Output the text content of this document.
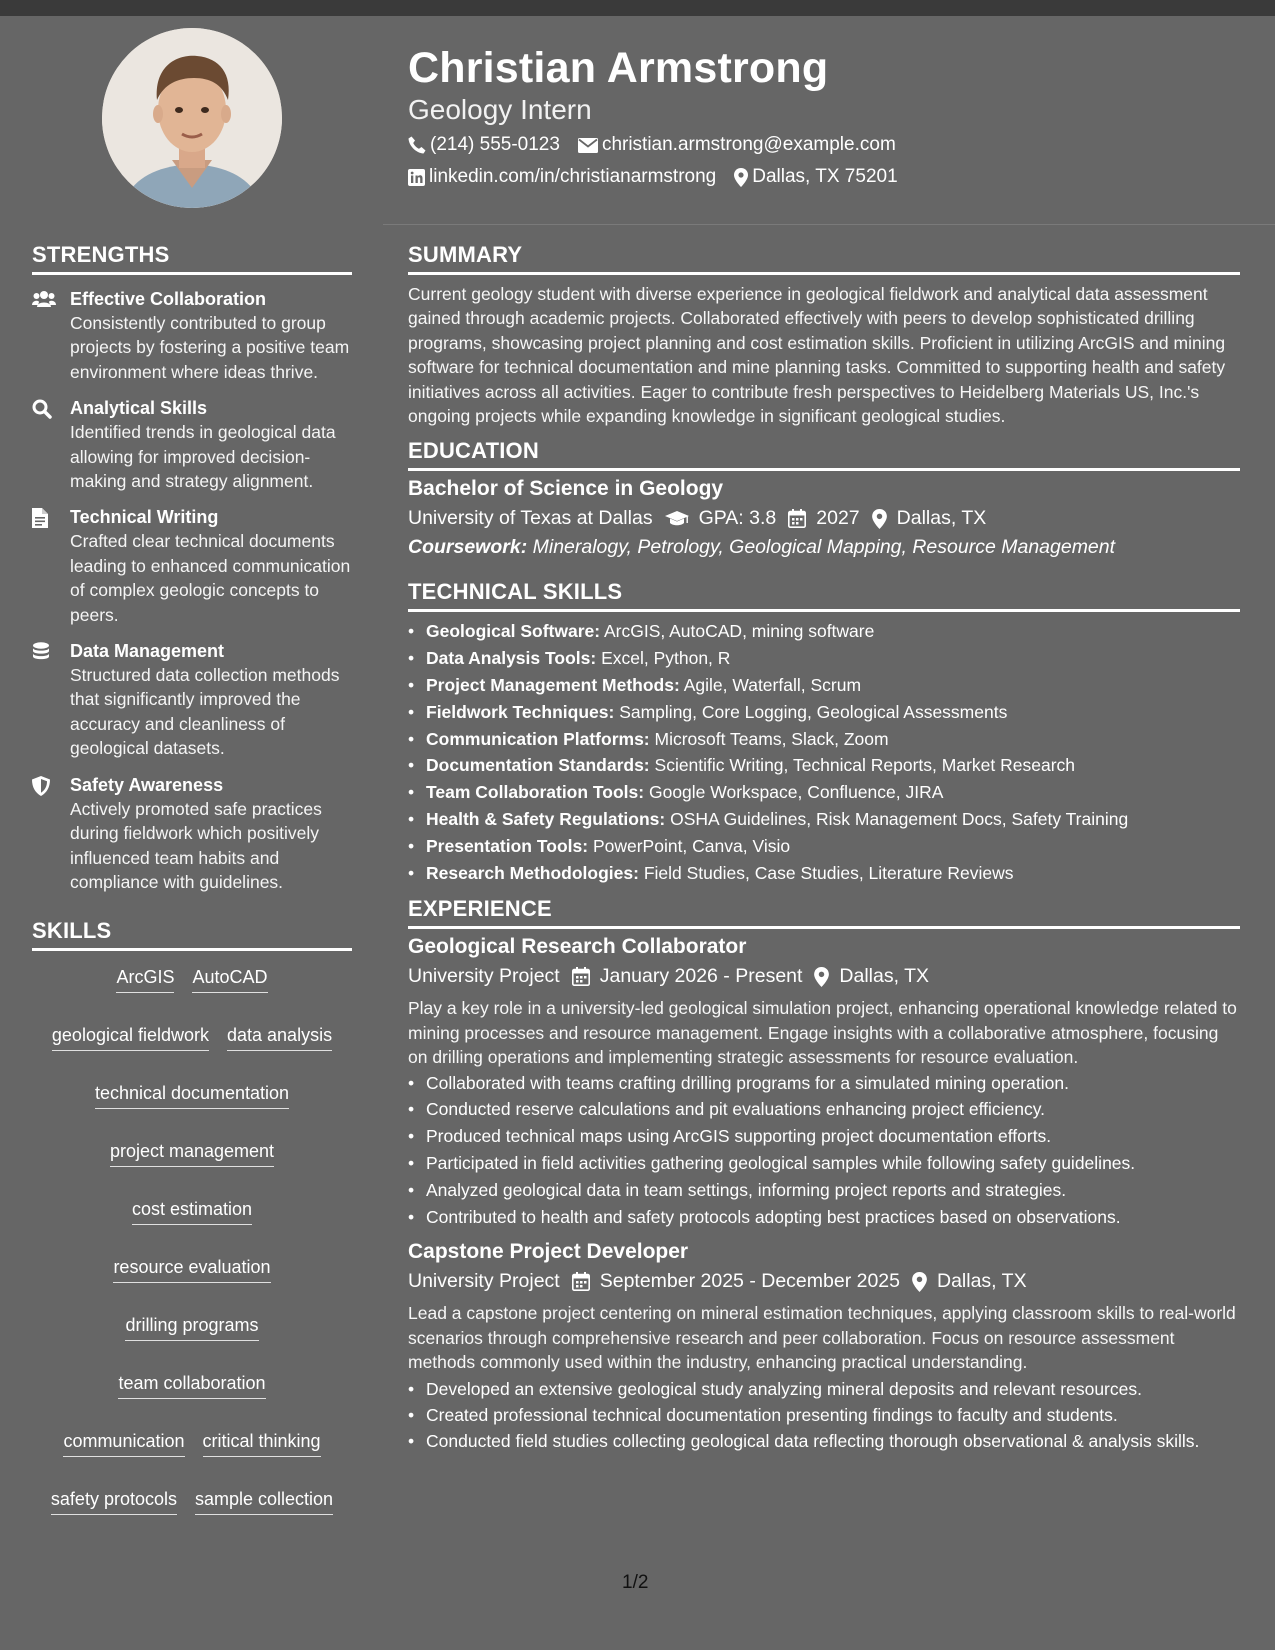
STRENGTHS
Effective Collaboration
Consistently contributed to group projects by fostering a positive team environment where ideas thrive.
Analytical Skills
Identified trends in geological data allowing for improved decision-making and strategy alignment.
Technical Writing
Crafted clear technical documents leading to enhanced communication of complex geologic concepts to peers.
Data Management
Structured data collection methods that significantly improved the accuracy and cleanliness of geological datasets.
Safety Awareness
Actively promoted safe practices during fieldwork which positively influenced team habits and compliance with guidelines.
SKILLS
ArcGIS AutoCAD
geological fieldwork data analysis
technical documentation
project management
cost estimation
resource evaluation
drilling programs
team collaboration
communication critical thinking
safety protocols sample collection
Christian Armstrong
Geology Intern
(214) 555-0123 christian.armstrong@example.com
linkedin.com/in/christianarmstrong Dallas, TX 75201
SUMMARY
Current geology student with diverse experience in geological fieldwork and analytical data assessment gained through academic projects. Collaborated effectively with peers to develop sophisticated drilling programs, showcasing project planning and cost estimation skills. Proficient in utilizing ArcGIS and mining software for technical documentation and mine planning tasks. Committed to supporting health and safety initiatives across all activities. Eager to contribute fresh perspectives to Heidelberg Materials US, Inc.'s ongoing projects while expanding knowledge in significant geological studies.
EDUCATION
Bachelor of Science in Geology
University of Texas at Dallas GPA: 3.8 2027 Dallas, TX
Coursework: Mineralogy, Petrology, Geological Mapping, Resource Management
TECHNICAL SKILLS
• Geological Software: ArcGIS, AutoCAD, mining software
• Data Analysis Tools: Excel, Python, R
• Project Management Methods: Agile, Waterfall, Scrum
• Fieldwork Techniques: Sampling, Core Logging, Geological Assessments
• Communication Platforms: Microsoft Teams, Slack, Zoom
• Documentation Standards: Scientific Writing, Technical Reports, Market Research
• Team Collaboration Tools: Google Workspace, Confluence, JIRA
• Health & Safety Regulations: OSHA Guidelines, Risk Management Docs, Safety Training
• Presentation Tools: PowerPoint, Canva, Visio
• Research Methodologies: Field Studies, Case Studies, Literature Reviews
EXPERIENCE
Geological Research Collaborator
University Project January 2026 - Present Dallas, TX
Play a key role in a university-led geological simulation project, enhancing operational knowledge related to mining processes and resource management. Engage insights with a collaborative atmosphere, focusing on drilling operations and implementing strategic assessments for resource evaluation.
• Collaborated with teams crafting drilling programs for a simulated mining operation.
• Conducted reserve calculations and pit evaluations enhancing project efficiency.
• Produced technical maps using ArcGIS supporting project documentation efforts.
• Participated in field activities gathering geological samples while following safety guidelines.
• Analyzed geological data in team settings, informing project reports and strategies.
• Contributed to health and safety protocols adopting best practices based on observations.
Capstone Project Developer
University Project September 2025 - December 2025 Dallas, TX
Lead a capstone project centering on mineral estimation techniques, applying classroom skills to real-world scenarios through comprehensive research and peer collaboration. Focus on resource assessment methods commonly used within the industry, enhancing practical understanding.
• Developed an extensive geological study analyzing mineral deposits and relevant resources.
• Created professional technical documentation presenting findings to faculty and students.
• Conducted field studies collecting geological data reflecting thorough observational & analysis skills.
1/2
